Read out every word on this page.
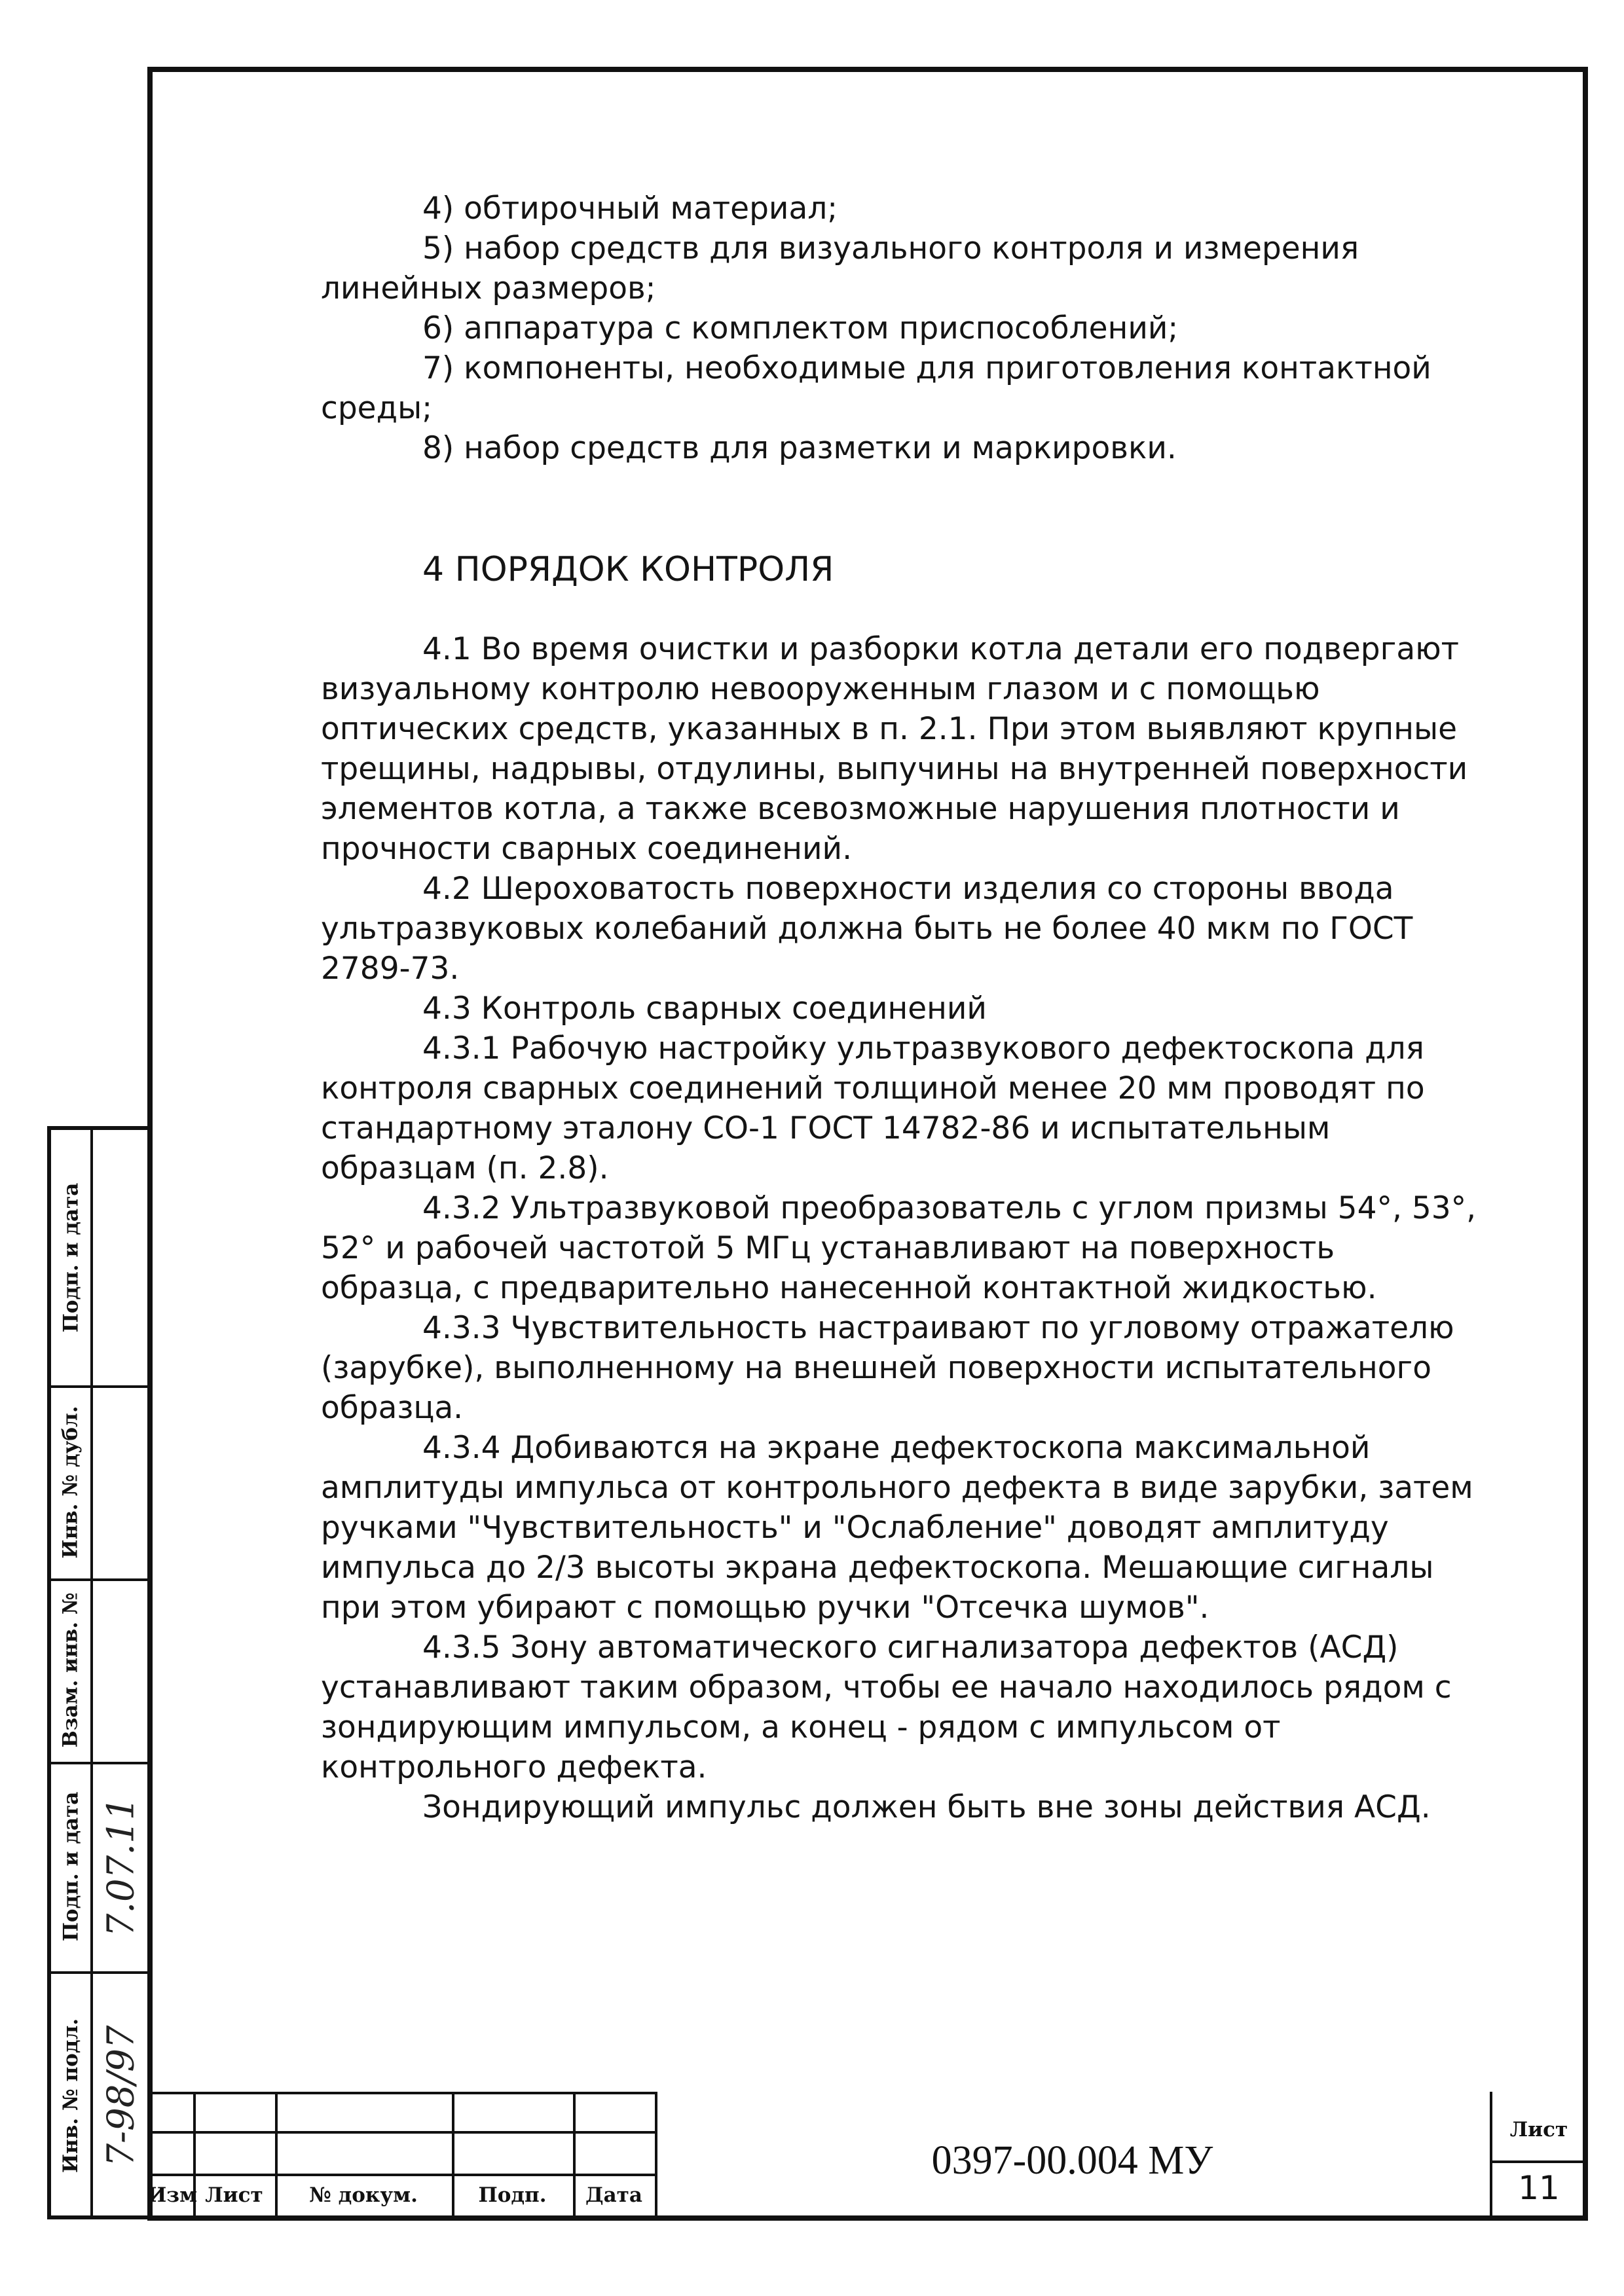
4) обтирочный материал;

5) набор средств для визуального контроля и измерения линейных размеров;

6) аппаратура с комплектом приспособлений;

7) компоненты, необходимые для приготовления контактной среды;

8) набор средств для разметки и маркировки.

4 ПОРЯДОК КОНТРОЛЯ

4.1 Во время очистки и разборки котла детали его подвергают визуальному контролю невооруженным глазом и с помощью оптических средств, указанных в п. 2.1. При этом выявляют крупные трещины, надрывы, отдулины, выпучины на внутренней поверхности элементов котла, а также всевозможные нарушения плотности и прочности сварных соединений.

4.2 Шероховатость поверхности изделия со стороны ввода ультразвуковых колебаний должна быть не более 40 мкм по ГОСТ 2789-73.

4.3 Контроль сварных соединений

4.3.1 Рабочую настройку ультразвукового дефектоскопа для контроля сварных соединений толщиной менее 20 мм проводят по стандартному эталону СО-1 ГОСТ 14782-86 и испытательным образцам (п. 2.8).

4.3.2 Ультразвуковой преобразователь с углом призмы 54°, 53°, 52° и рабочей частотой 5 МГц устанавливают на поверхность образца, с предварительно нанесенной контактной жидкостью.

4.3.3 Чувствительность настраивают по угловому отражателю (зарубке), выполненному на внешней поверхности испытательного образца.

4.3.4 Добиваются на экране дефектоскопа максимальной амплитуды импульса от контрольного дефекта в виде зарубки, затем ручками "Чувствительность" и "Ослабление" доводят амплитуду импульса до 2/3 высоты экрана дефектоскопа. Мешающие сигналы при этом убирают с помощью ручки "Отсечка шумов".

4.3.5 Зону автоматического сигнализатора дефектов (АСД) устанавливают таким образом, чтобы ее начало находилось рядом с зондирующим импульсом, а конец - рядом с импульсом от контрольного дефекта.

Зондирующий импульс должен быть вне зоны действия АСД.

Подп. и дата
Инв. № дубл.
Взам. инв. №
Подп. и дата
Инв. № подл.
7.07.11
7-98/97
Изм Лист	№ докум.	Подп.	Дата
0397-00.004 МУ
Лист
11
